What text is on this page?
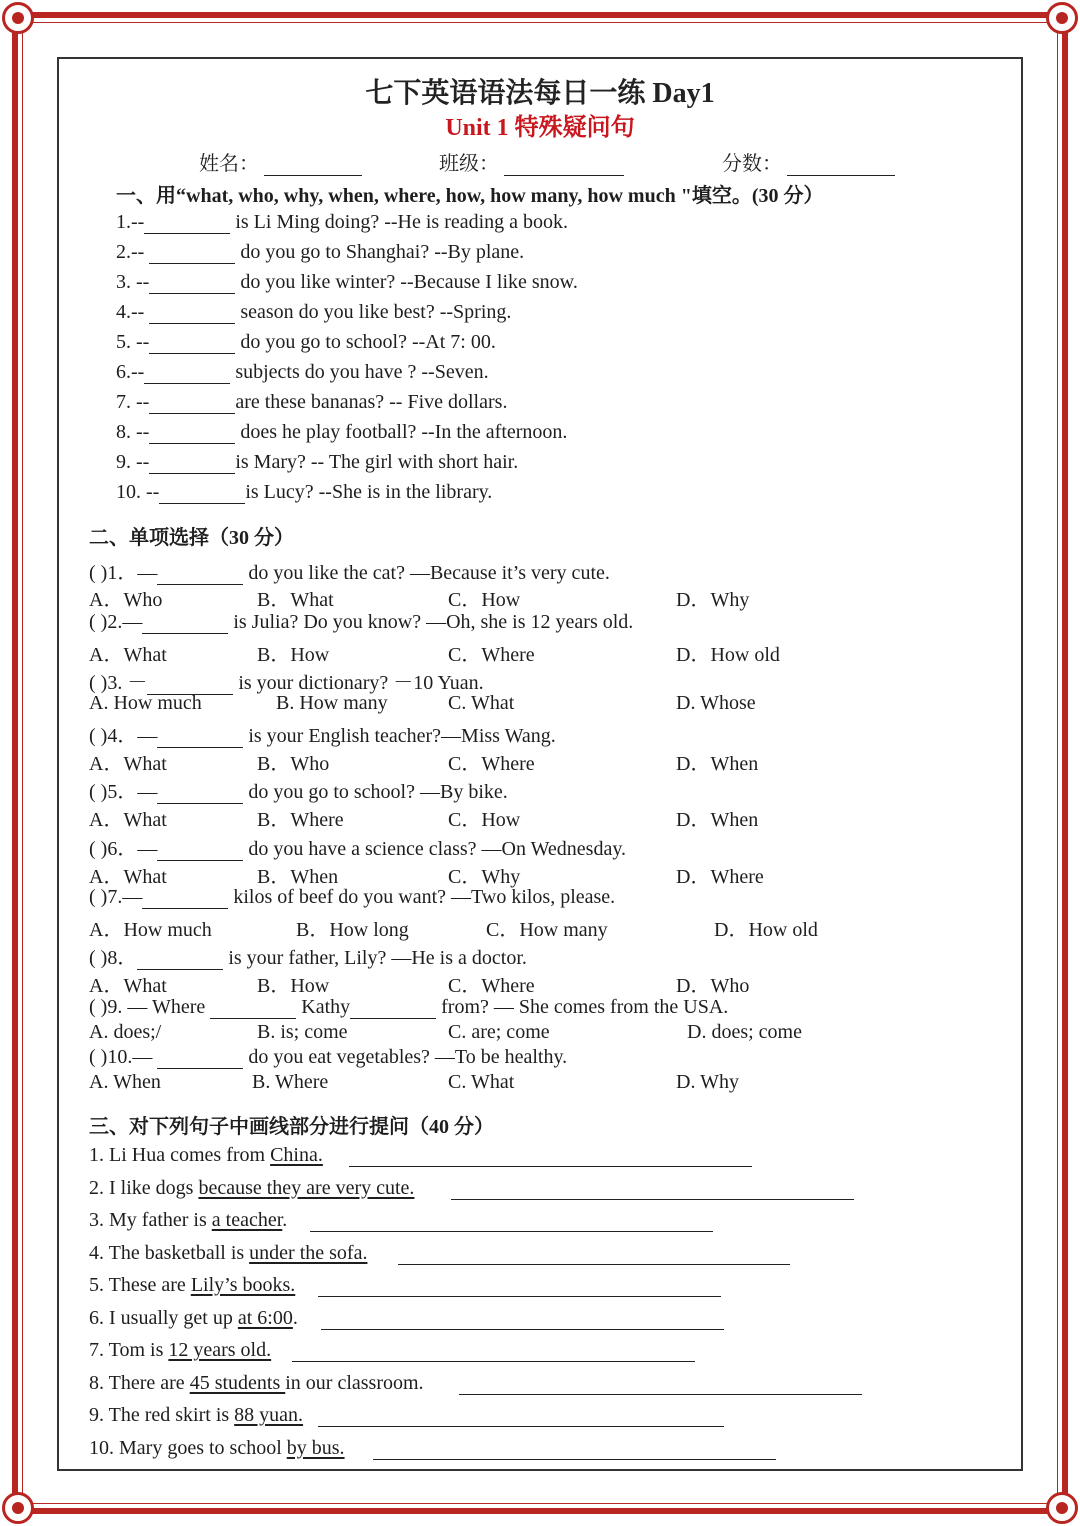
七下英语语法每日一练 Day1
Unit 1 特殊疑问句
姓名：	班级：	分数：
一、用“what, who, why, when, where, how, how many, how much "填空。(30 分）
1.--	is Li Ming doing? --He is reading a book.
2.--	do you go to Shanghai? --By plane.
3. --	do you like winter? --Because I like snow.
4.--	season do you like best? --Spring.
5. --	do you go to school? --At 7: 00.
6.--	subjects do you have ? --Seven.
7. --	are these bananas? -- Five dollars.
8. --	does he play football? --In the afternoon.
9. --	is Mary? -- The girl with short hair.
10. --	is Lucy? --She is in the library.
二、单项选择（30 分）
( )1．—	do you like the cat? —Because it’s very cute.
A．Who	B．What	C．How	D．Why
( )2.—	is Julia? Do you know? —Oh, she is 12 years old.
A．What	B．How	C．Where	D．How old
( )3. －	is your dictionary? －10 Yuan.
A. How much	B. How many	C. What	D. Whose
( )4．—	is your English teacher?—Miss Wang.
A．What	B．Who	C．Where	D．When
( )5．—	do you go to school? —By bike.
A．What	B．Where	C．How	D．When
( )6．—	do you have a science class? —On Wednesday.
A．What	B．When	C．Why	D．Where
( )7.—	kilos of beef do you want? —Two kilos, please.
A．How much	B．How long	C．How many	D．How old
( )8．	is your father, Lily? —He is a doctor.
A．What	B．How	C．Where	D．Who
( )9. — Where	Kathy	from? — She comes from the USA.
A. does;/	B. is; come	C. are; come	D. does; come
( )10.—	do you eat vegetables? —To be healthy.
A. When	B. Where	C. What	D. Why
三、对下列句子中画线部分进行提问（40 分）
1. Li Hua comes from China.
2. I like dogs because they are very cute.
3. My father is a teacher.
4. The basketball is under the sofa.
5. These are Lily’s books.
6. I usually get up at 6:00.
7. Tom is 12 years old.
8. There are 45 students in our classroom.
9. The red skirt is 88 yuan.
10. Mary goes to school by bus.
